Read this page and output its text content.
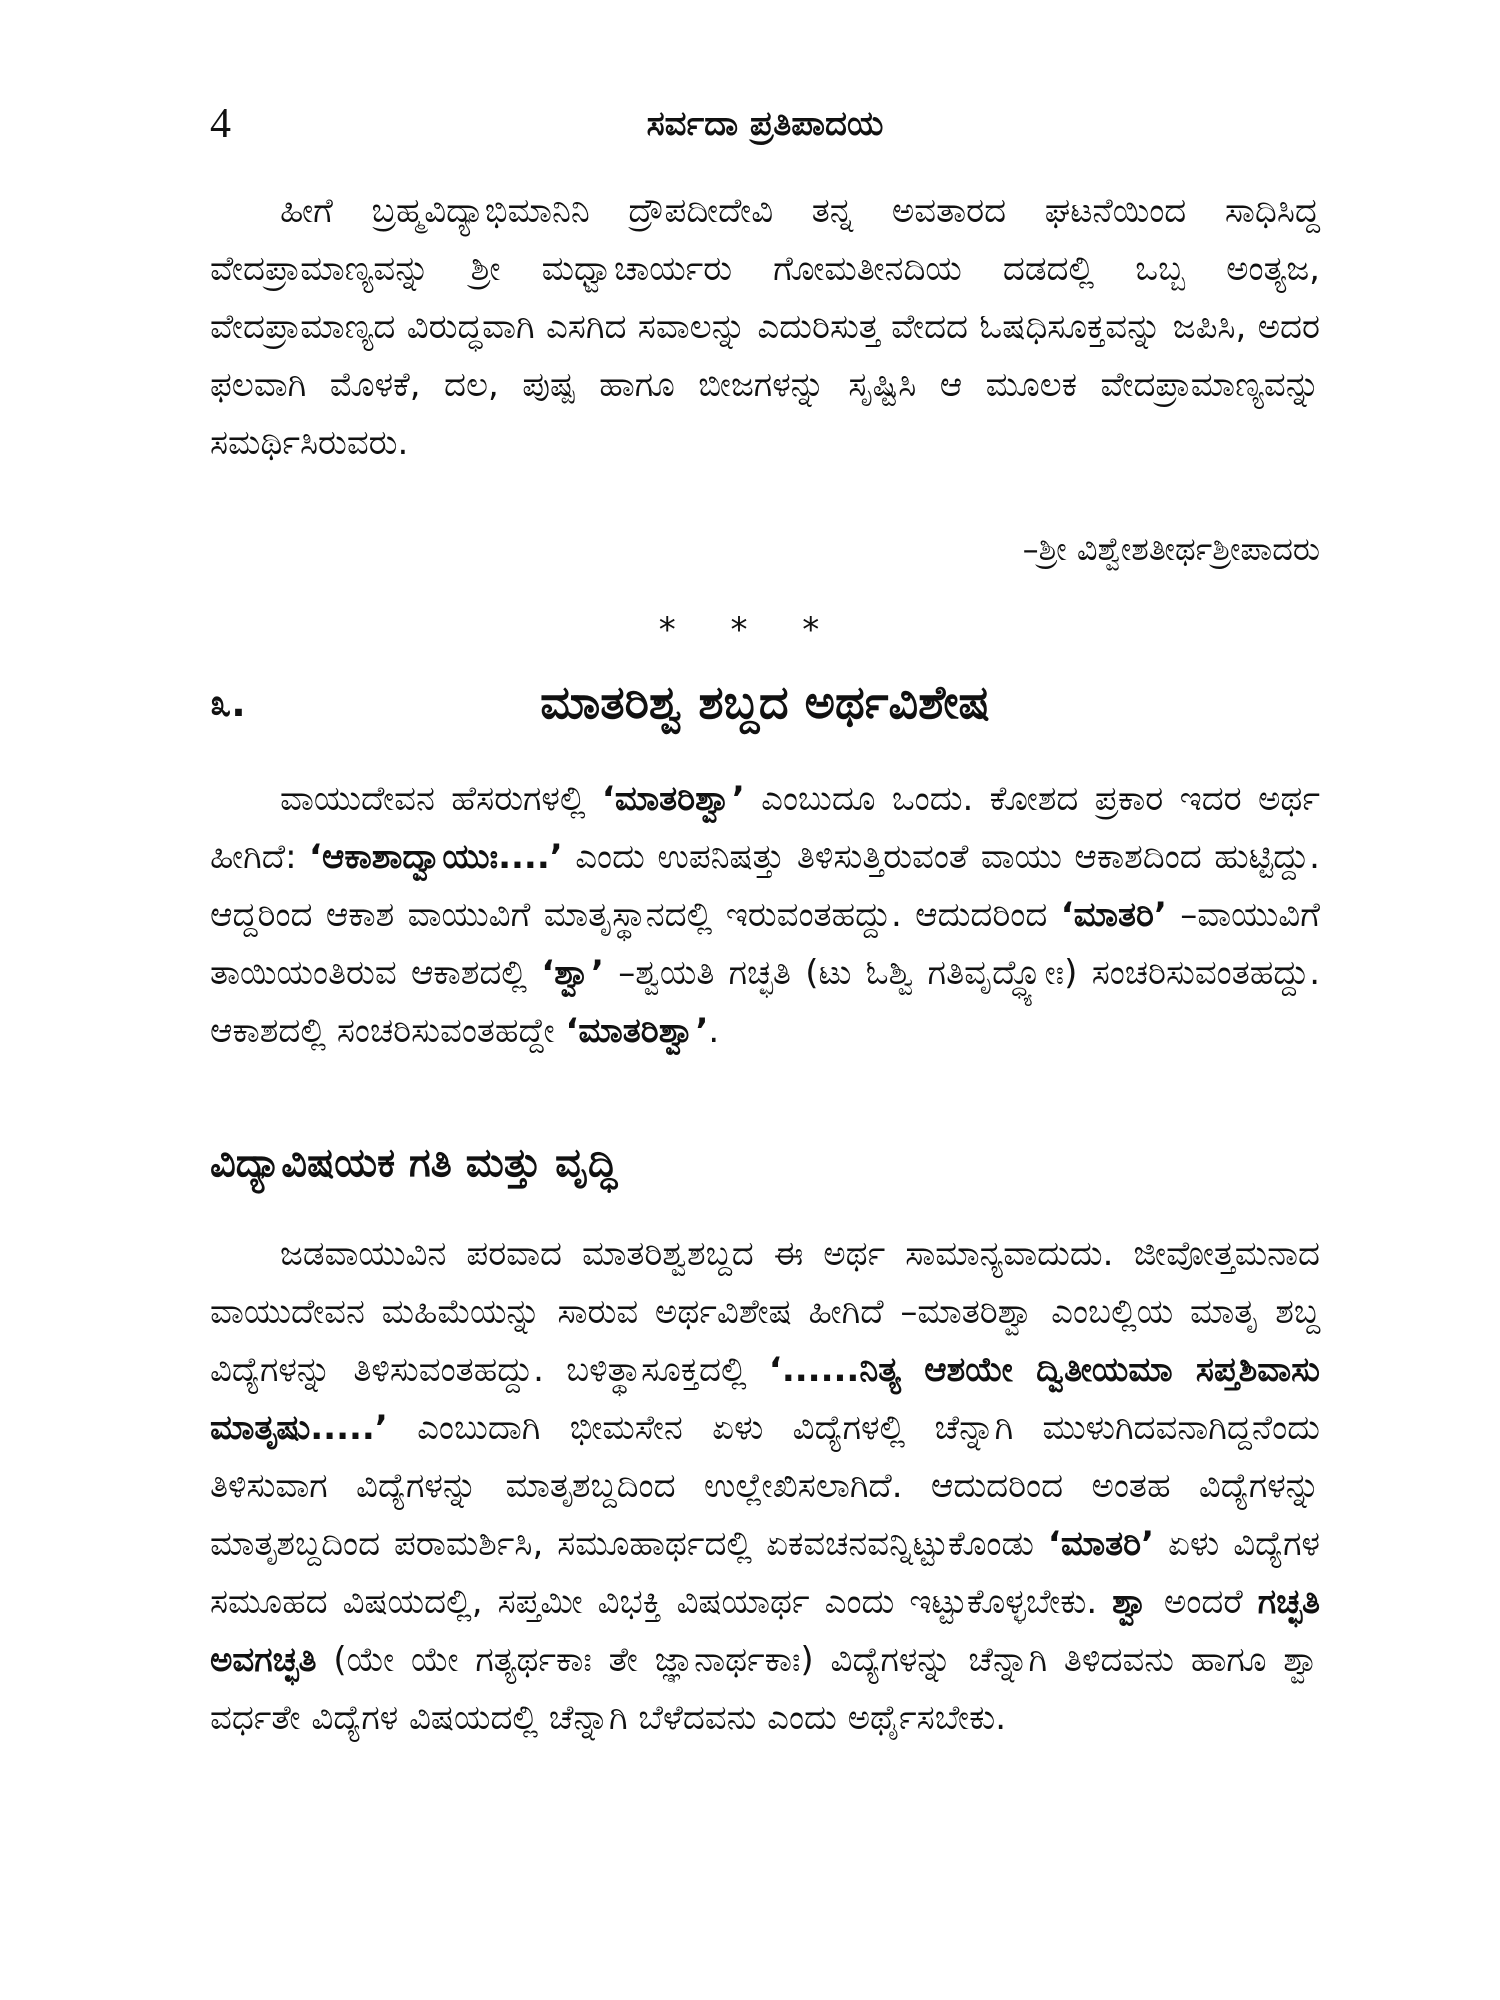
4	ಸರ್ವದಾ ಪ್ರತಿಪಾದಯ

ಹೀಗೆ ಬ್ರಹ್ಮವಿದ್ಯಾಭಿಮಾನಿನಿ ದ್ರೌಪದೀದೇವಿ ತನ್ನ ಅವತಾರದ ಘಟನೆಯಿಂದ ಸಾಧಿಸಿದ್ದ ವೇದಪ್ರಾಮಾಣ್ಯವನ್ನು ಶ್ರೀ ಮಧ್ವಾಚಾರ್ಯರು ಗೋಮತೀನದಿಯ ದಡದಲ್ಲಿ ಒಬ್ಬ ಅಂತ್ಯಜ, ವೇದಪ್ರಾಮಾಣ್ಯದ ವಿರುದ್ಧವಾಗಿ ಎಸಗಿದ ಸವಾಲನ್ನು ಎದುರಿಸುತ್ತ ವೇದದ ಓಷಧಿಸೂಕ್ತವನ್ನು ಜಪಿಸಿ, ಅದರ ಫಲವಾಗಿ ಮೊಳಕೆ, ದಲ, ಪುಷ್ಪ ಹಾಗೂ ಬೀಜಗಳನ್ನು ಸೃಷ್ಟಿಸಿ ಆ ಮೂಲಕ ವೇದಪ್ರಾಮಾಣ್ಯವನ್ನು ಸಮರ್ಥಿಸಿರುವರು.

–ಶ್ರೀ ವಿಶ್ವೇಶತೀರ್ಥಶ್ರೀಪಾದರು
* * *
೩.	ಮಾತರಿಶ್ವ ಶಬ್ದದ ಅರ್ಥವಿಶೇಷ

ವಾಯುದೇವನ ಹೆಸರುಗಳಲ್ಲಿ ‘ಮಾತರಿಶ್ವಾ’ ಎಂಬುದೂ ಒಂದು. ಕೋಶದ ಪ್ರಕಾರ ಇದರ ಅರ್ಥ ಹೀಗಿದೆ: ‘ಆಕಾಶಾದ್ವಾಯುಃ....’ ಎಂದು ಉಪನಿಷತ್ತು ತಿಳಿಸುತ್ತಿರುವಂತೆ ವಾಯು ಆಕಾಶದಿಂದ ಹುಟ್ಟಿದ್ದು. ಆದ್ದರಿಂದ ಆಕಾಶ ವಾಯುವಿಗೆ ಮಾತೃಸ್ಥಾನದಲ್ಲಿ ಇರುವಂತಹದ್ದು. ಆದುದರಿಂದ ‘ಮಾತರಿ’ –ವಾಯುವಿಗೆ ತಾಯಿಯಂತಿರುವ ಆಕಾಶದಲ್ಲಿ ‘ಶ್ವಾ’ –ಶ್ವಯತಿ ಗಚ್ಛತಿ (ಟು ಓಶ್ವಿ ಗತಿವೃದ್ಧ್ಯೋಃ) ಸಂಚರಿಸುವಂತಹದ್ದು. ಆಕಾಶದಲ್ಲಿ ಸಂಚರಿಸುವಂತಹದ್ದೇ ‘ಮಾತರಿಶ್ವಾ’.

ವಿದ್ಯಾವಿಷಯಕ ಗತಿ ಮತ್ತು ವೃದ್ಧಿ

ಜಡವಾಯುವಿನ ಪರವಾದ ಮಾತರಿಶ್ವಶಬ್ದದ ಈ ಅರ್ಥ ಸಾಮಾನ್ಯವಾದುದು. ಜೀವೋತ್ತಮನಾದ ವಾಯುದೇವನ ಮಹಿಮೆಯನ್ನು ಸಾರುವ ಅರ್ಥವಿಶೇಷ ಹೀಗಿದೆ –ಮಾತರಿಶ್ವಾ ಎಂಬಲ್ಲಿಯ ಮಾತೃ ಶಬ್ದ ವಿದ್ಯೆಗಳನ್ನು ತಿಳಿಸುವಂತಹದ್ದು. ಬಳಿತ್ಥಾಸೂಕ್ತದಲ್ಲಿ ‘......ನಿತ್ಯ ಆಶಯೇ ದ್ವಿತೀಯಮಾ ಸಪ್ತಶಿವಾಸು ಮಾತೃಷು.....’ ಎಂಬುದಾಗಿ ಭೀಮಸೇನ ಏಳು ವಿದ್ಯೆಗಳಲ್ಲಿ ಚೆನ್ನಾಗಿ ಮುಳುಗಿದವನಾಗಿದ್ದನೆಂದು ತಿಳಿಸುವಾಗ ವಿದ್ಯೆಗಳನ್ನು ಮಾತೃಶಬ್ದದಿಂದ ಉಲ್ಲೇಖಿಸಲಾಗಿದೆ. ಆದುದರಿಂದ ಅಂತಹ ವಿದ್ಯೆಗಳನ್ನು ಮಾತೃಶಬ್ದದಿಂದ ಪರಾಮರ್ಶಿಸಿ, ಸಮೂಹಾರ್ಥದಲ್ಲಿ ಏಕವಚನವನ್ನಿಟ್ಟುಕೊಂಡು ‘ಮಾತರಿ’ ಏಳು ವಿದ್ಯೆಗಳ ಸಮೂಹದ ವಿಷಯದಲ್ಲಿ, ಸಪ್ತಮೀ ವಿಭಕ್ತಿ ವಿಷಯಾರ್ಥ ಎಂದು ಇಟ್ಟುಕೊಳ್ಳಬೇಕು. ಶ್ವಾ ಅಂದರೆ ಗಚ್ಛತಿ ಅವಗಚ್ಛತಿ (ಯೇ ಯೇ ಗತ್ಯರ್ಥಕಾಃ ತೇ ಜ್ಞಾನಾರ್ಥಕಾಃ) ವಿದ್ಯೆಗಳನ್ನು ಚೆನ್ನಾಗಿ ತಿಳಿದವನು ಹಾಗೂ ಶ್ವಾ ವರ್ಧತೇ ವಿದ್ಯೆಗಳ ವಿಷಯದಲ್ಲಿ ಚೆನ್ನಾಗಿ ಬೆಳೆದವನು ಎಂದು ಅರ್ಥೈಸಬೇಕು.
